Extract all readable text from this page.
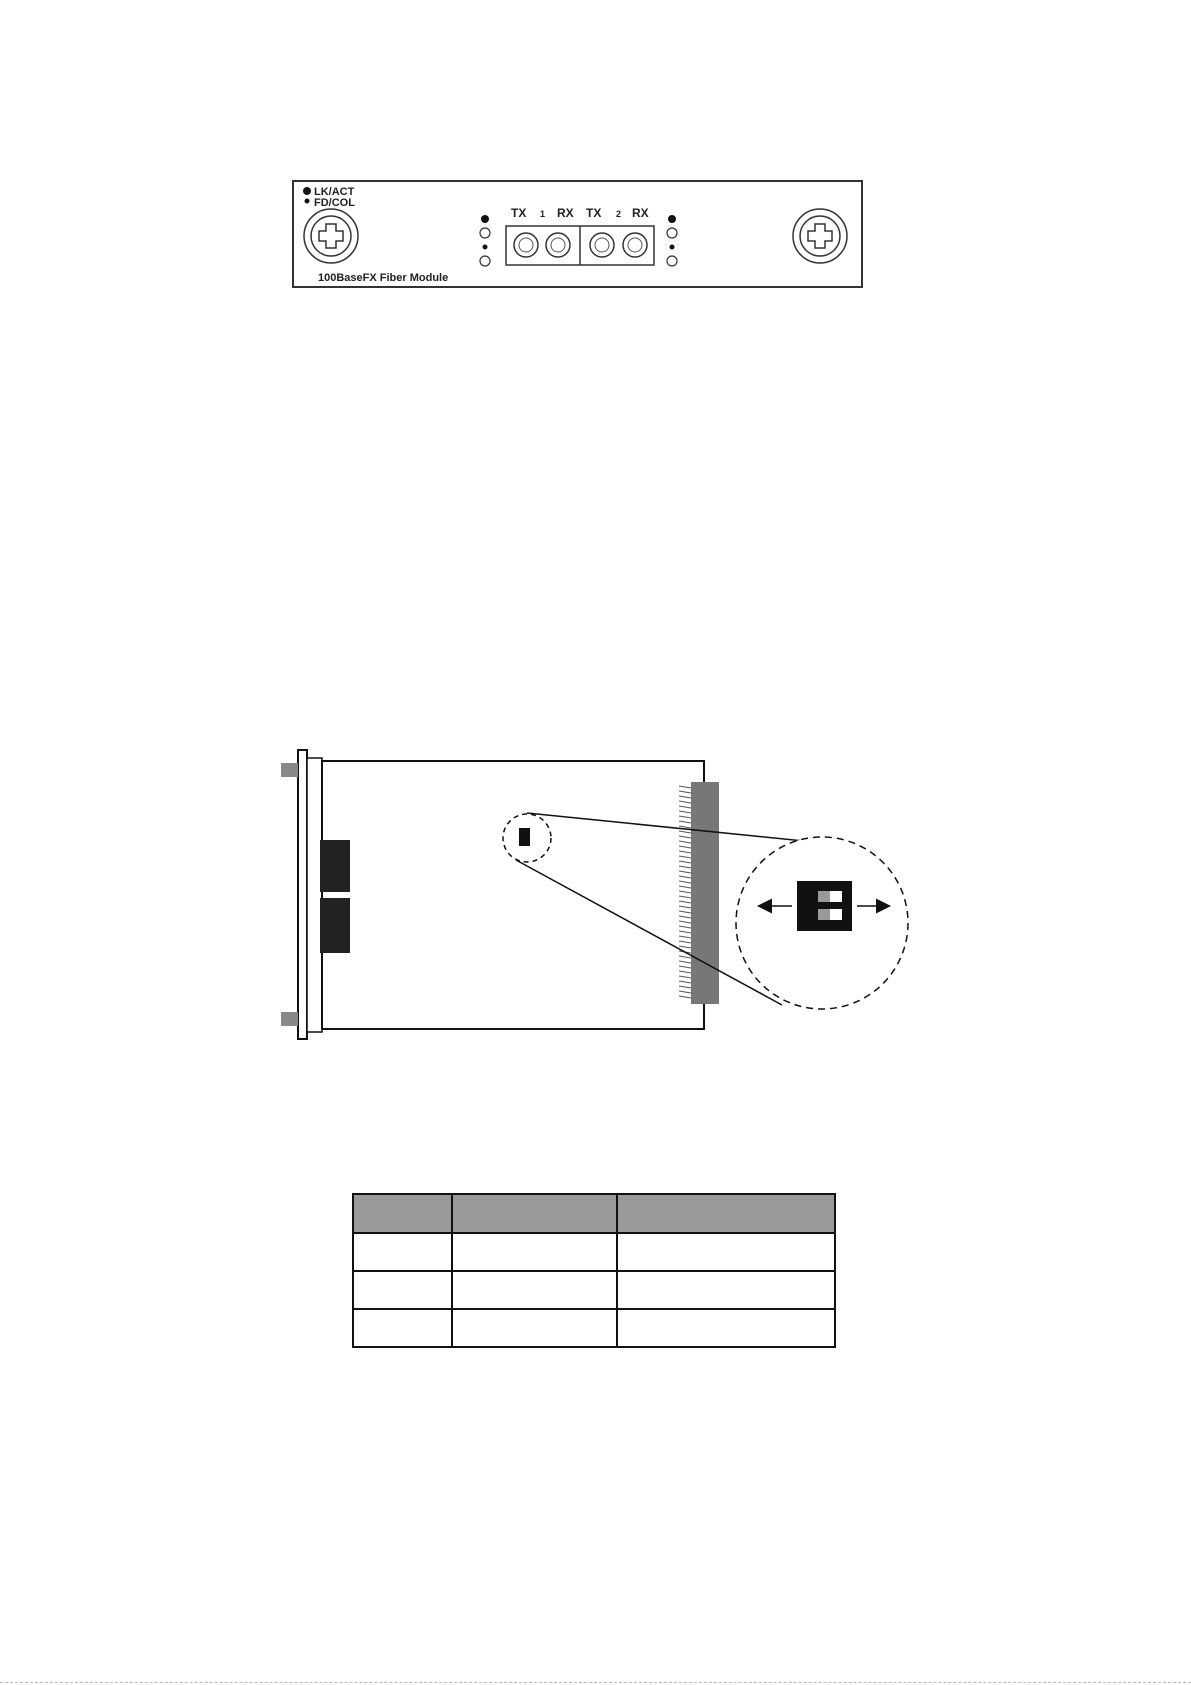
LK/ACT
FD/COL
TX 1 RX TX 2 RX
100BaseFX Fiber Module
